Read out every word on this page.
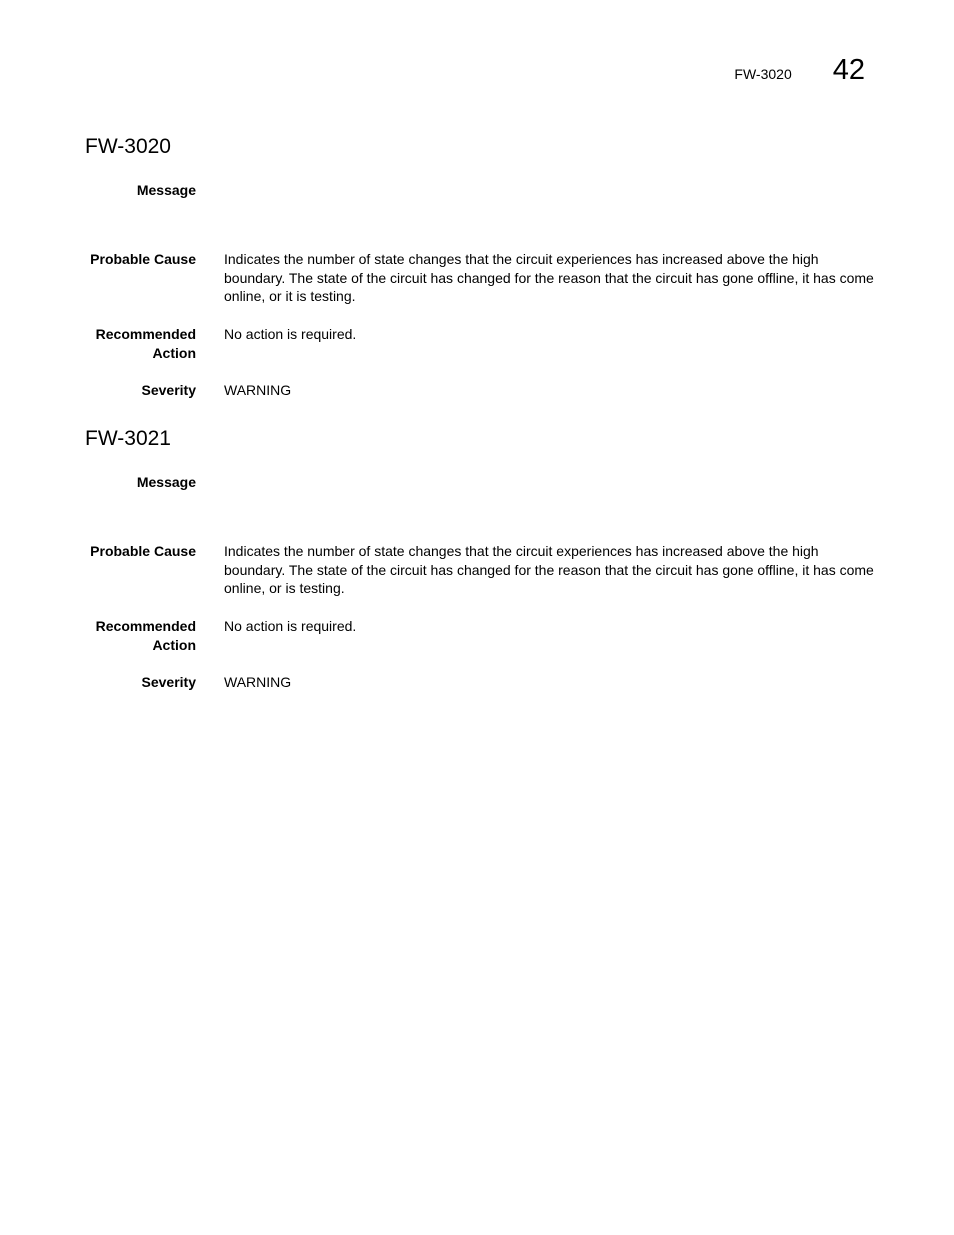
FW-3020 42
FW-3020
Message
Probable Cause Indicates the number of state changes that the circuit experiences has increased above the high boundary. The state of the circuit has changed for the reason that the circuit has gone offline, it has come online, or it is testing.
Recommended Action
No action is required.
Severity WARNING
FW-3021
Message
Probable Cause Indicates the number of state changes that the circuit experiences has increased above the high boundary. The state of the circuit has changed for the reason that the circuit has gone offline, it has come online, or is testing.
Recommended Action
No action is required.
Severity WARNING
